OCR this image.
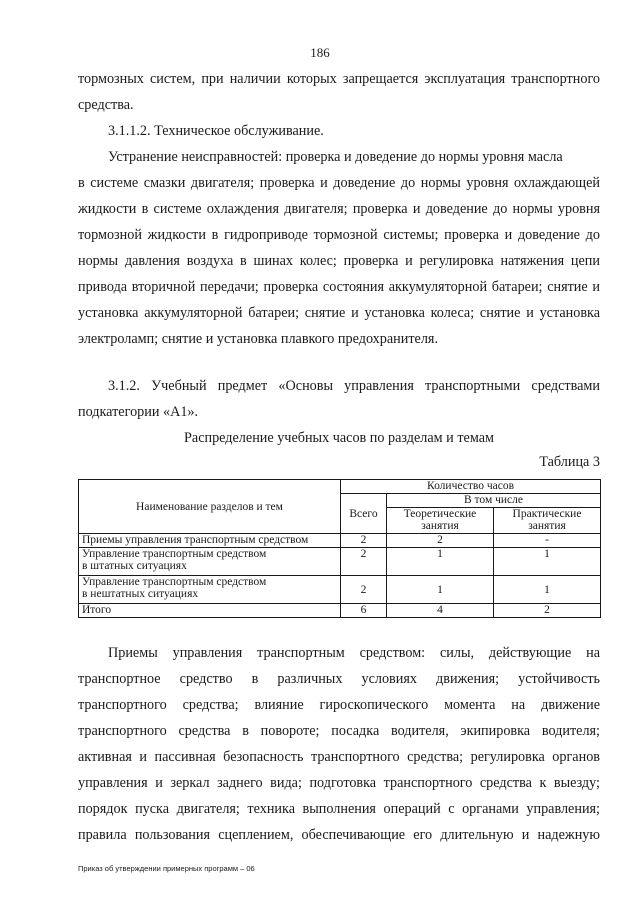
186
тормозных систем, при наличии которых запрещается эксплуатация транспортного
средства.
3.1.1.2. Техническое обслуживание.
Устранение неисправностей: проверка и доведение до нормы уровня масла
в системе смазки двигателя; проверка и доведение до нормы уровня охлаждающей
жидкости в системе охлаждения двигателя; проверка и доведение до нормы уровня
тормозной жидкости в гидроприводе тормозной системы; проверка и доведение до
нормы давления воздуха в шинах колес; проверка и регулировка натяжения цепи
привода вторичной передачи; проверка состояния аккумуляторной батареи; снятие и
установка аккумуляторной батареи; снятие и установка колеса; снятие и установка
электроламп; снятие и установка плавкого предохранителя.
3.1.2. Учебный предмет «Основы управления транспортными средствами
подкатегории «A1».
Распределение учебных часов по разделам и темам
Таблица 3
Наименование разделов и тем	Количество часов		
	Всего	В том числе	
		Теоретические занятия	Практические занятия
Приемы управления транспортным средством	2	2	-
Управление транспортным средством в штатных ситуациях	2	1	1
Управление транспортным средством в нештатных ситуациях	2	1	1
Итого	6	4	2
Приемы управления транспортным средством: силы, действующие на
транспортное средство в различных условиях движения; устойчивость
транспортного средства; влияние гироскопического момента на движение
транспортного средства в повороте; посадка водителя, экипировка водителя;
активная и пассивная безопасность транспортного средства; регулировка органов
управления и зеркал заднего вида; подготовка транспортного средства к выезду;
порядок пуска двигателя; техника выполнения операций с органами управления;
правила пользования сцеплением, обеспечивающие его длительную и надежную
Приказ об утверждении примерных программ – 06
